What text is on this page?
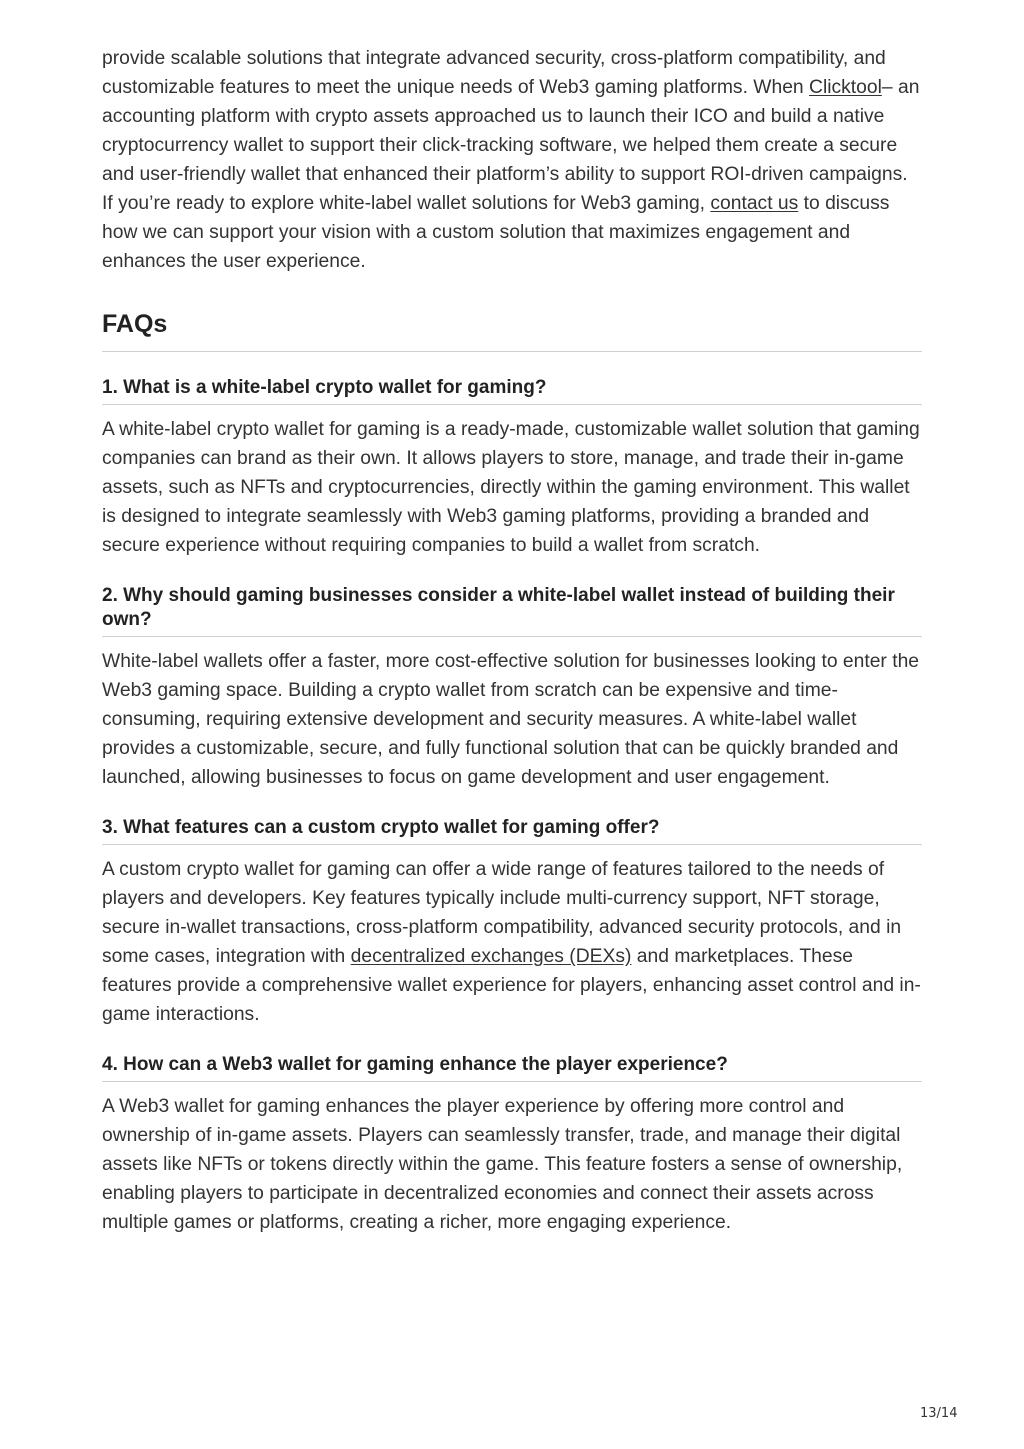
provide scalable solutions that integrate advanced security, cross-platform compatibility, and customizable features to meet the unique needs of Web3 gaming platforms. When Clicktool– an accounting platform with crypto assets approached us to launch their ICO and build a native cryptocurrency wallet to support their click-tracking software, we helped them create a secure and user-friendly wallet that enhanced their platform’s ability to support ROI-driven campaigns. If you’re ready to explore white-label wallet solutions for Web3 gaming, contact us to discuss how we can support your vision with a custom solution that maximizes engagement and enhances the user experience.

FAQs
1. What is a white-label crypto wallet for gaming?

A white-label crypto wallet for gaming is a ready-made, customizable wallet solution that gaming companies can brand as their own. It allows players to store, manage, and trade their in-game assets, such as NFTs and cryptocurrencies, directly within the gaming environment. This wallet is designed to integrate seamlessly with Web3 gaming platforms, providing a branded and secure experience without requiring companies to build a wallet from scratch.

2. Why should gaming businesses consider a white-label wallet instead of building their own?

White-label wallets offer a faster, more cost-effective solution for businesses looking to enter the Web3 gaming space. Building a crypto wallet from scratch can be expensive and time-consuming, requiring extensive development and security measures. A white-label wallet provides a customizable, secure, and fully functional solution that can be quickly branded and launched, allowing businesses to focus on game development and user engagement.

3. What features can a custom crypto wallet for gaming offer?

A custom crypto wallet for gaming can offer a wide range of features tailored to the needs of players and developers. Key features typically include multi-currency support, NFT storage, secure in-wallet transactions, cross-platform compatibility, advanced security protocols, and in some cases, integration with decentralized exchanges (DEXs) and marketplaces. These features provide a comprehensive wallet experience for players, enhancing asset control and in-game interactions.

4. How can a Web3 wallet for gaming enhance the player experience?

A Web3 wallet for gaming enhances the player experience by offering more control and ownership of in-game assets. Players can seamlessly transfer, trade, and manage their digital assets like NFTs or tokens directly within the game. This feature fosters a sense of ownership, enabling players to participate in decentralized economies and connect their assets across multiple games or platforms, creating a richer, more engaging experience.

13/14
